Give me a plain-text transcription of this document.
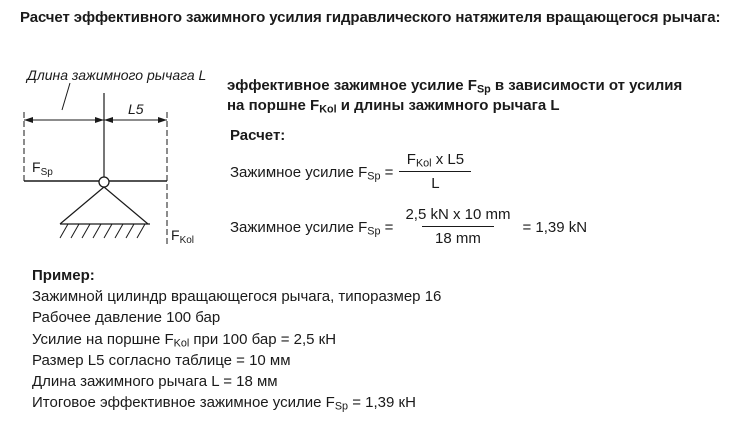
Расчет эффективного зажимного усилия гидравлического натяжителя вращающегося рычага:
Длина зажимного рычага L
L5
$F_{Sp}$
$F_{Kol}$
эффективное зажимное усилие $F_{Sp}$ в зависимости от усилия
на поршне $F_{Kol}$ и длины зажимного рычага L
Расчет:
Зажимное усилие $F_{Sp} = \frac{F_{Kol} x L5}{L}$
Зажимное усилие $F_{Sp} = \frac{\text{2,5 kN x 10 mm}}{18 mm} = 1,39$ kN
Пример:
Зажимной цилиндр вращающегося рычага, типоразмер 16
Рабочее давление 100 бар
Усилие на поршне $F_{Kol}$ при 100 бар = 2,5 кН
Размер L5 согласно таблице = 10 мм
Длина зажимного рычага L = 18 мм
Итоговое эффективное зажимное усилие $F_{Sp} = 1,39$ кН
